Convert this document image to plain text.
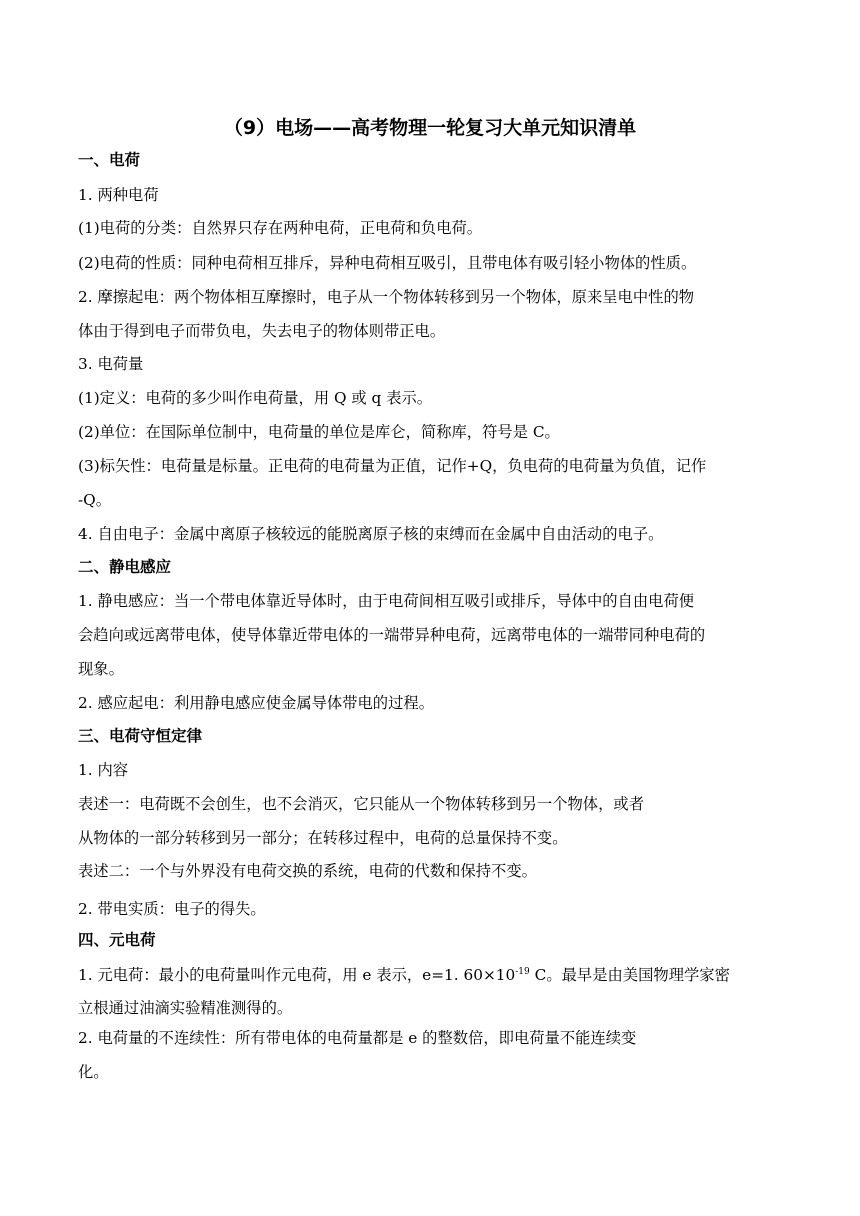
（9）电场——高考物理一轮复习大单元知识清单
一、电荷
1. 两种电荷
(1)电荷的分类：自然界只存在两种电荷，正电荷和负电荷。
(2)电荷的性质：同种电荷相互排斥，异种电荷相互吸引，且带电体有吸引轻小物体的性质。
2. 摩擦起电：两个物体相互摩擦时，电子从一个物体转移到另一个物体，原来呈电中性的物
体由于得到电子而带负电，失去电子的物体则带正电。
3. 电荷量
(1)定义：电荷的多少叫作电荷量，用 Q 或 q 表示。
(2)单位：在国际单位制中，电荷量的单位是库仑，简称库，符号是 C。
(3)标矢性：电荷量是标量。正电荷的电荷量为正值，记作+Q，负电荷的电荷量为负值，记作
-Q。
4. 自由电子：金属中离原子核较远的能脱离原子核的束缚而在金属中自由活动的电子。
二、静电感应
1. 静电感应：当一个带电体靠近导体时，由于电荷间相互吸引或排斥，导体中的自由电荷便
会趋向或远离带电体，使导体靠近带电体的一端带异种电荷，远离带电体的一端带同种电荷的
现象。
2. 感应起电：利用静电感应使金属导体带电的过程。
三、电荷守恒定律
1. 内容
表述一：电荷既不会创生，也不会消灭，它只能从一个物体转移到另一个物体，或者
从物体的一部分转移到另一部分；在转移过程中，电荷的总量保持不变。
表述二：一个与外界没有电荷交换的系统，电荷的代数和保持不变。
2. 带电实质：电子的得失。
四、元电荷
1. 元电荷：最小的电荷量叫作元电荷，用 e 表示，e=1. $60\times 10^{-19}$ C。最早是由美国物理学家密
立根通过油滴实验精准测得的。
2. 电荷量的不连续性：所有带电体的电荷量都是 e 的整数倍，即电荷量不能连续变
化。
